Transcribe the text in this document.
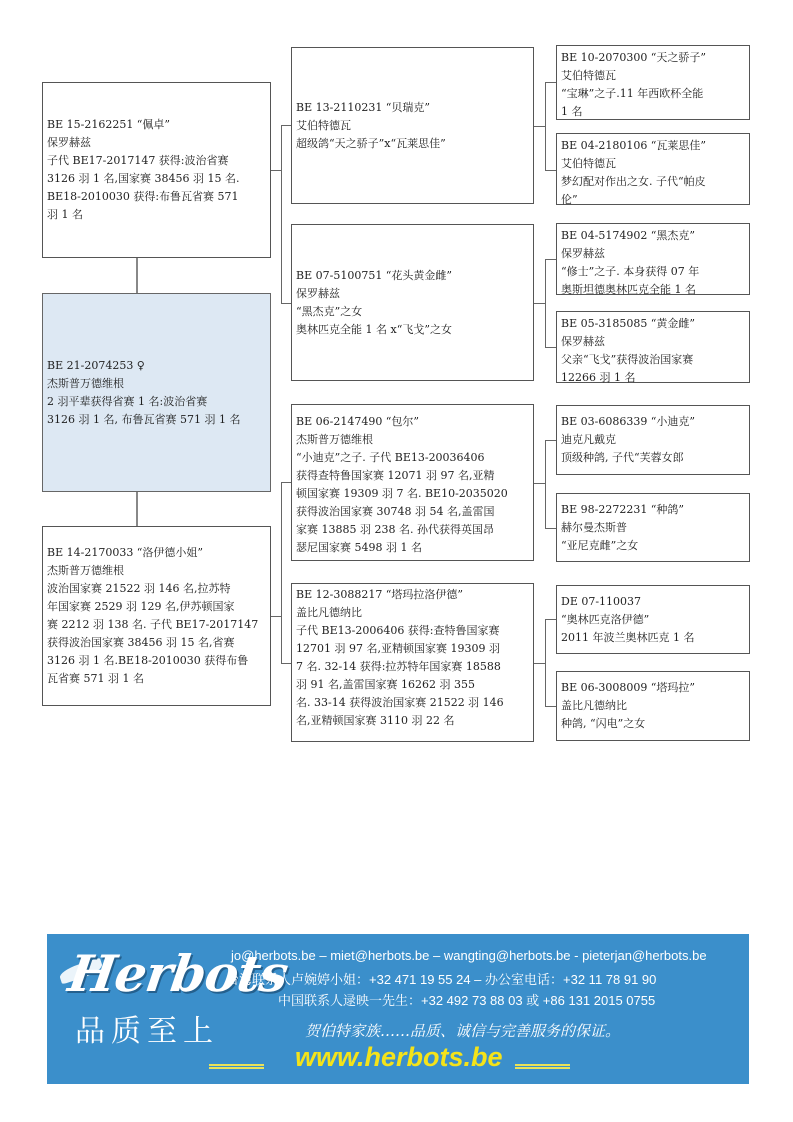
BE 15-2162251 “佩卓”
保罗赫兹
子代 BE17-2017147 获得:波治省赛
3126 羽 1 名,国家赛 38456 羽 15 名.
BE18-2010030 获得:布鲁瓦省赛 571
羽 1 名
BE 21-2074253 ♀
杰斯普万德维根
2 羽平辈获得省赛 1 名:波治省赛
3126 羽 1 名, 布鲁瓦省赛 571 羽 1 名
BE 14-2170033 “洛伊德小姐”
杰斯普万德维根
波治国家赛 21522 羽 146 名,拉苏特
年国家赛 2529 羽 129 名,伊苏顿国家
赛 2212 羽 138 名. 子代 BE17-2017147
获得波治国家赛 38456 羽 15 名,省赛
3126 羽 1 名.BE18-2010030 获得布鲁
瓦省赛 571 羽 1 名
BE 13-2110231 “贝瑞克”
艾伯特德瓦
超级鸽“天之骄子”x“瓦莱思佳”
BE 07-5100751 “花头黄金雌”
保罗赫兹
“黑杰克”之女
奥林匹克全能 1 名 x“飞戈”之女
BE 06-2147490 “包尔”
杰斯普万德维根
“小迪克”之子. 子代 BE13-20036406
获得查特鲁国家赛 12071 羽 97 名,亚精
顿国家赛 19309 羽 7 名. BE10-2035020
获得波治国家赛 30748 羽 54 名,盖雷国
家赛 13885 羽 238 名. 孙代获得英国昂
瑟尼国家赛 5498 羽 1 名
BE 12-3088217 “塔玛拉洛伊德”
盖比凡德纳比
子代 BE13-2006406 获得:查特鲁国家赛
12701 羽 97 名,亚精顿国家赛 19309 羽
7 名. 32-14 获得:拉苏特年国家赛 18588
羽 91 名,盖雷国家赛 16262 羽 355
名. 33-14 获得波治国家赛 21522 羽 146
名,亚精顿国家赛 3110 羽 22 名
BE 10-2070300 “天之骄子”
艾伯特德瓦
“宝琳”之子.11 年西欧杯全能
1 名
BE 04-2180106 “瓦莱思佳”
艾伯特德瓦
梦幻配对作出之女. 子代“帕皮
伦”
BE 04-5174902 “黑杰克”
保罗赫兹
“修士”之子. 本身获得 07 年
奥斯坦德奥林匹克全能 1 名
BE 05-3185085 “黄金雌”
保罗赫兹
父亲“飞戈”获得波治国家赛
12266 羽 1 名
BE 03-6086339 “小迪克”
迪克凡戴克
顶级种鸽, 子代“芙蓉女郎
BE 98-2272231 “种鸽”
赫尔曼杰斯普
“亚尼克雌”之女
DE 07-110037
“奥林匹克洛伊德”
2011 年波兰奥林匹克 1 名
BE 06-3008009 “塔玛拉”
盖比凡德纳比
种鸽, “闪电”之女
Herbots
品质至上
jo@herbots.be – miet@herbots.be – wangting@herbots.be - pieterjan@herbots.be
台湾联系人卢婉婷小姐：+32 471 19 55 24 – 办公室电话：+32 11 78 91 90
中国联系人逯映一先生：+32 492 73 88 03 或 +86 131 2015 0755
贺伯特家族……品质、诚信与完善服务的保证。
www.herbots.be
